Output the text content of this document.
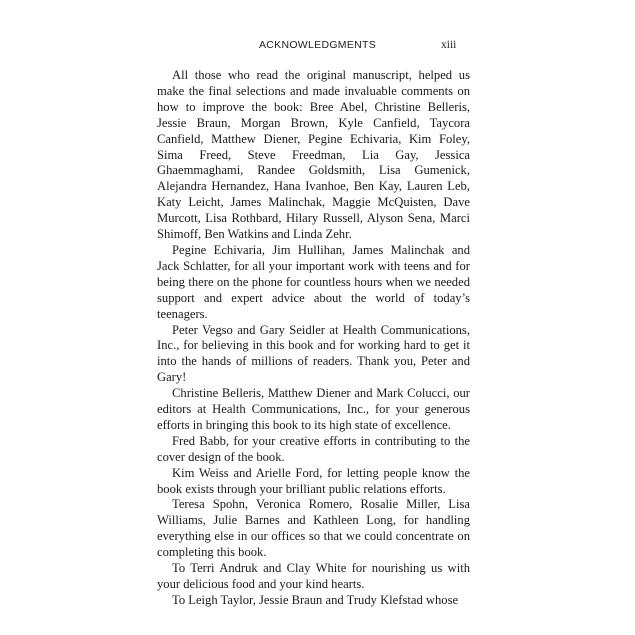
ACKNOWLEDGMENTS	xiii

All those who read the original manuscript, helped us make the final selections and made invaluable comments on how to improve the book: Bree Abel, Christine Belleris, Jessie Braun, Morgan Brown, Kyle Canfield, Taycora Canfield, Matthew Diener, Pegine Echivaria, Kim Foley, Sima Freed, Steve Freedman, Lia Gay, Jessica Ghaemmaghami, Randee Goldsmith, Lisa Gumenick, Alejandra Hernandez, Hana Ivanhoe, Ben Kay, Lauren Leb, Katy Leicht, James Malinchak, Maggie McQuisten, Dave Murcott, Lisa Rothbard, Hilary Russell, Alyson Sena, Marci Shimoff, Ben Watkins and Linda Zehr.

Pegine Echivaria, Jim Hullihan, James Malinchak and Jack Schlatter, for all your important work with teens and for being there on the phone for countless hours when we needed support and expert advice about the world of today’s teenagers.

Peter Vegso and Gary Seidler at Health Communications, Inc., for believing in this book and for working hard to get it into the hands of millions of readers. Thank you, Peter and Gary!

Christine Belleris, Matthew Diener and Mark Colucci, our editors at Health Communications, Inc., for your generous efforts in bringing this book to its high state of excellence.

Fred Babb, for your creative efforts in contributing to the cover design of the book.

Kim Weiss and Arielle Ford, for letting people know the book exists through your brilliant public relations efforts.

Teresa Spohn, Veronica Romero, Rosalie Miller, Lisa Williams, Julie Barnes and Kathleen Long, for handling everything else in our offices so that we could concentrate on completing this book.

To Terri Andruk and Clay White for nourishing us with your delicious food and your kind hearts.

To Leigh Taylor, Jessie Braun and Trudy Klefstad whose
